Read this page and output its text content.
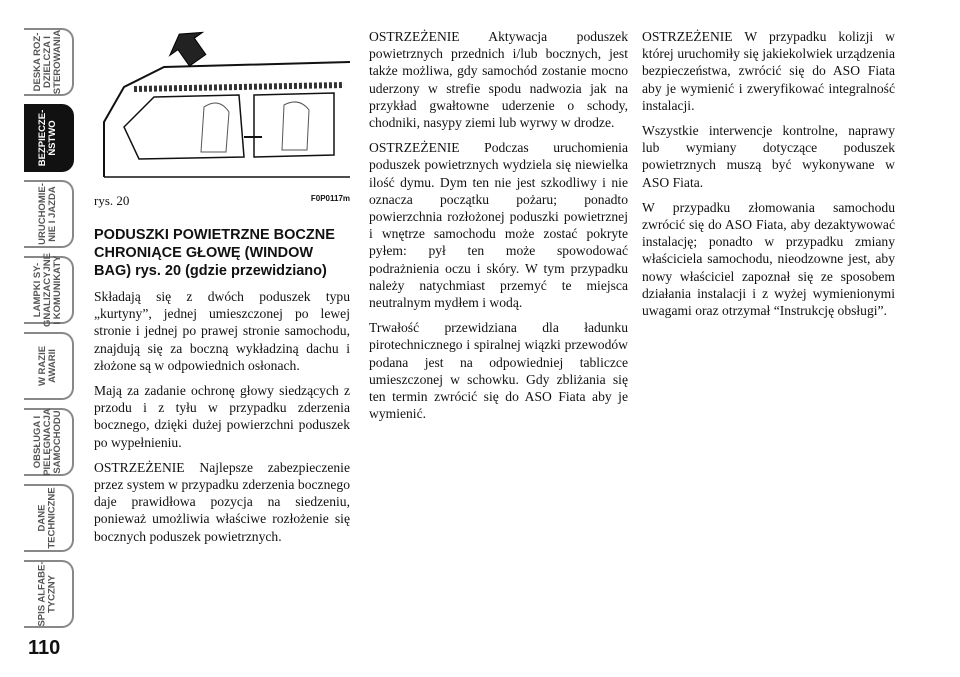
DESKA ROZ-
DZIELCZA I
STEROWANIA
BEZPIECZE-
ŃSTWO
URUCHOMIE-
NIE I JAZDA
LAMPKI SY-
GNALIZACYJNE
I KOMUNIKATY
W RAZIE
AWARII
OBSŁUGA I
PIELĘGNACJA
SAMOCHODU
DANE
TECHNICZNE
SPIS ALFABE-
TYCZNY
110
rys. 20	F0P0117m

PODUSZKI POWIETRZNE BOCZNE CHRONIĄCE GŁOWĘ (WINDOW BAG) rys. 20 (gdzie przewidziano)

Składają się z dwóch poduszek typu „kurtyny”, jednej umieszczonej po lewej stronie i jednej po prawej stronie samochodu, znajdują się za boczną wykładziną dachu i złożone są w odpowiednich osłonach.

Mają za zadanie ochronę głowy siedzących z przodu i z tyłu w przypadku zderzenia bocznego, dzięki dużej powierzchni poduszek po wypełnieniu.

OSTRZEŻENIE Najlepsze zabezpieczenie przez system w przypadku zderzenia bocznego daje prawidłowa pozycja na siedzeniu, ponieważ umożliwia właściwe rozłożenie się bocznych poduszek powietrznych.

OSTRZEŻENIE Aktywacja poduszek powietrznych przednich i/lub bocznych, jest także możliwa, gdy samochód zostanie mocno uderzony w strefie spodu nadwozia jak na przykład gwałtowne uderzenie o schody, chodniki, nasypy ziemi lub wyrwy w drodze.

OSTRZEŻENIE Podczas uruchomienia poduszek powietrznych wydziela się niewielka ilość dymu. Dym ten nie jest szkodliwy i nie oznacza początku pożaru; ponadto powierzchnia rozłożonej poduszki powietrznej i wnętrze samochodu może zostać pokryte pyłem: pył ten może spowodować podrażnienia oczu i skóry. W tym przypadku należy natychmiast przemyć te miejsca neutralnym mydłem i wodą.

Trwałość przewidziana dla ładunku pirotechnicznego i spiralnej wiązki przewodów podana jest na odpowiedniej tabliczce umieszczonej w schowku. Gdy zbliżania się ten termin zwrócić się do ASO Fiata aby je wymienić.

OSTRZEŻENIE W przypadku kolizji w której uruchomiły się jakiekolwiek urządzenia bezpieczeństwa, zwrócić się do ASO Fiata aby je wymienić i zweryfikować integralność instalacji.

Wszystkie interwencje kontrolne, naprawy lub wymiany dotyczące poduszek powietrznych muszą być wykonywane w ASO Fiata.

W przypadku złomowania samochodu zwrócić się do ASO Fiata, aby dezaktywować instalację; ponadto w przypadku zmiany właściciela samochodu, nieodzowne jest, aby nowy właściciel zapoznał się ze sposobem działania instalacji i z wyżej wymienionymi uwagami oraz otrzymał “Instrukcję obsługi”.
